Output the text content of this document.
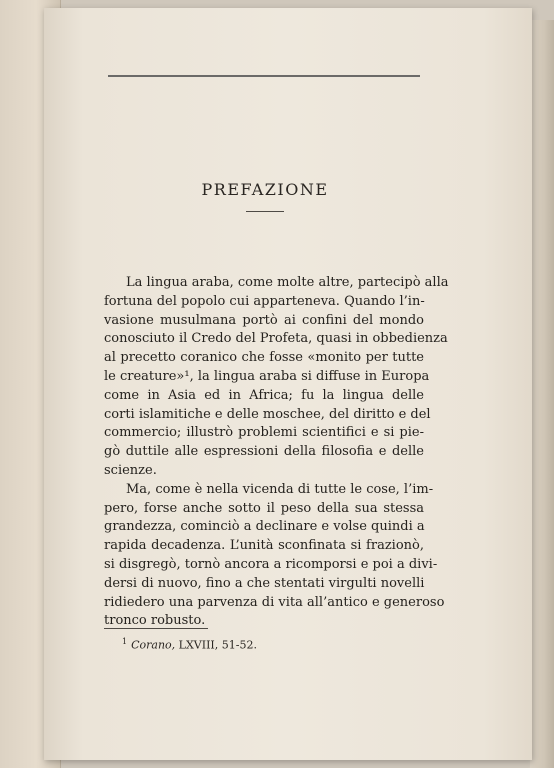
PREFAZIONE
La lingua araba, come molte altre, partecipò alla
fortuna del popolo cui apparteneva. Quando l’in-
vasione musulmana portò ai confini del mondo
conosciuto il Credo del Profeta, quasi in obbedienza
al precetto coranico che fosse «monito per tutte
le creature»¹, la lingua araba si diffuse in Europa
come in Asia ed in Africa; fu la lingua delle
corti islamitiche e delle moschee, del diritto e del
commercio; illustrò problemi scientifici e si pie-
gò duttile alle espressioni della filosofia e delle
scienze.
Ma, come è nella vicenda di tutte le cose, l’im-
pero, forse anche sotto il peso della sua stessa
grandezza, cominciò a declinare e volse quindi a
rapida decadenza. L’unità sconfinata si frazionò,
si disgregò, tornò ancora a ricomporsi e poi a divi-
dersi di nuovo, fino a che stentati virgulti novelli
ridiedero una parvenza di vita all’antico e generoso
tronco robusto.
$^1$ Corano, LXVIII, 51-52.
